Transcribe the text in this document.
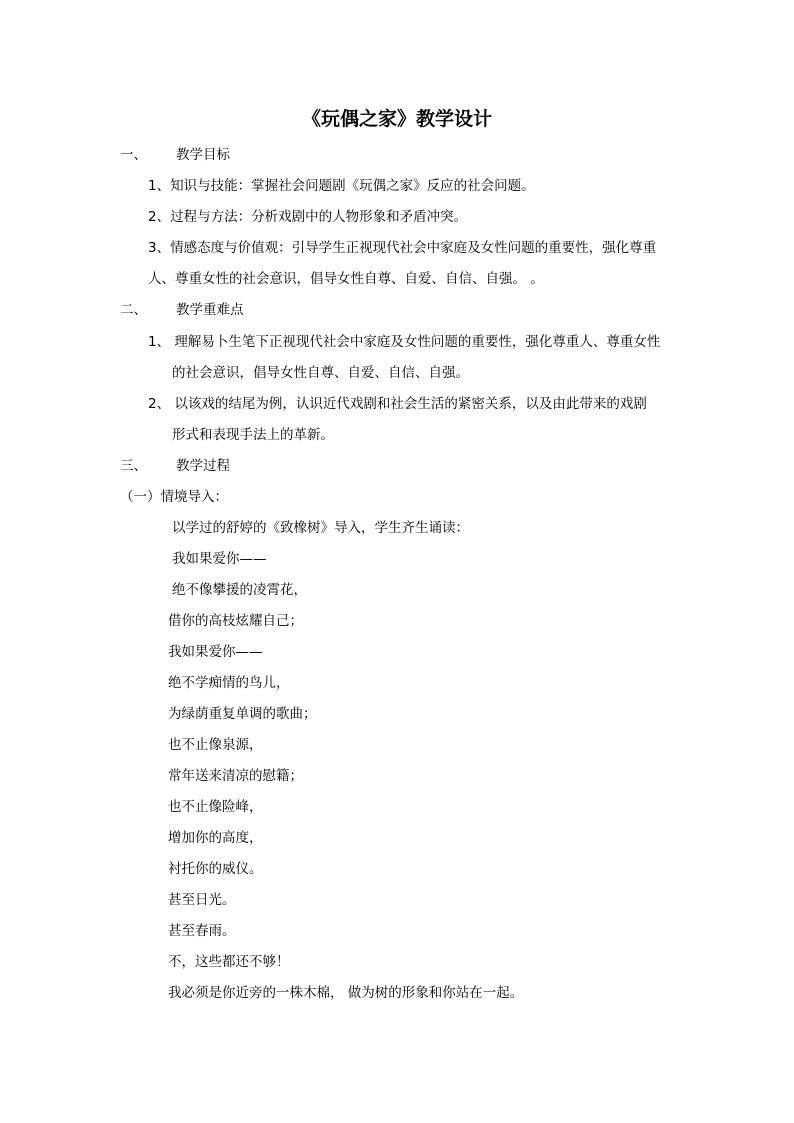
《玩偶之家》教学设计
一、 教学目标
1、知识与技能：掌握社会问题剧《玩偶之家》反应的社会问题。
2、过程与方法：分析戏剧中的人物形象和矛盾冲突。
3、情感态度与价值观：引导学生正视现代社会中家庭及女性问题的重要性，强化尊重
人、尊重女性的社会意识，倡导女性自尊、自爱、自信、自强。 。
二、 教学重难点
1、 理解易卜生笔下正视现代社会中家庭及女性问题的重要性，强化尊重人、尊重女性
的社会意识，倡导女性自尊、自爱、自信、自强。
2、 以该戏的结尾为例，认识近代戏剧和社会生活的紧密关系，以及由此带来的戏剧
形式和表现手法上的革新。
三、 教学过程
（一）情境导入：
以学过的舒婷的《致橡树》导入，学生齐生诵读：
我如果爱你——
绝不像攀援的凌霄花，
借你的高枝炫耀自己；
我如果爱你——
绝不学痴情的鸟儿，
为绿荫重复单调的歌曲；
也不止像泉源，
常年送来清凉的慰籍；
也不止像险峰，
增加你的高度，
衬托你的威仪。
甚至日光。
甚至春雨。
不，这些都还不够！
我必须是你近旁的一株木棉， 做为树的形象和你站在一起。
